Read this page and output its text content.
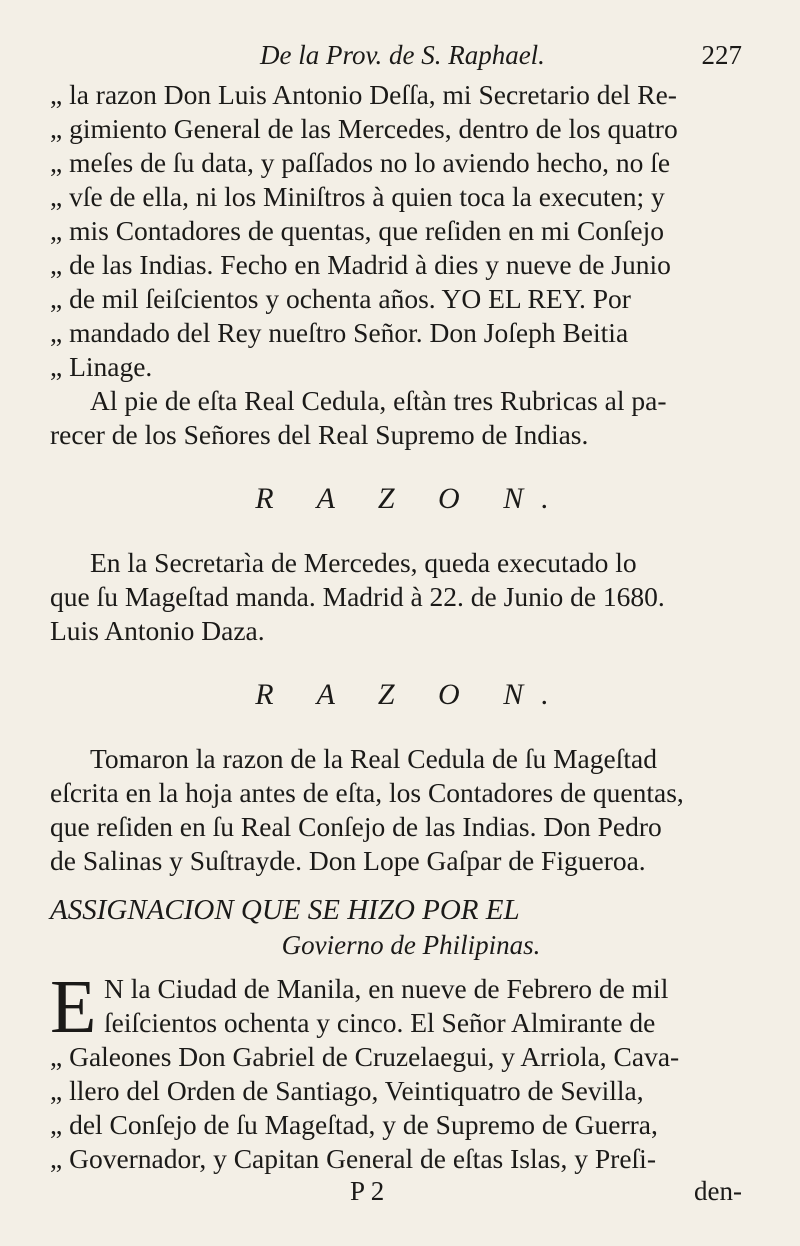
De la Prov. de S. Raphael.	227
„ la razon Don Luis Antonio Deſſa, mi Secretario del Re-
„ gimiento General de las Mercedes, dentro de los quatro
„ meſes de ſu data, y paſſados no lo aviendo hecho, no ſe
„ vſe de ella, ni los Miniſtros à quien toca la executen; y
„ mis Contadores de quentas, que reſiden en mi Conſejo
„ de las Indias. Fecho en Madrid à dies y nueve de Junio
„ de mil ſeiſcientos y ochenta años. YO EL REY. Por
„ mandado del Rey nueſtro Señor. Don Joſeph Beitia
„ Linage.
Al pie de eſta Real Cedula, eſtàn tres Rubricas al pa-
recer de los Señores del Real Supremo de Indias.
R A Z O N.
En la Secretarìa de Mercedes, queda executado lo
que ſu Mageſtad manda. Madrid à 22. de Junio de 1680.
Luis Antonio Daza.
R A Z O N.
Tomaron la razon de la Real Cedula de ſu Mageſtad
eſcrita en la hoja antes de eſta, los Contadores de quentas,
que reſiden en ſu Real Conſejo de las Indias. Don Pedro
de Salinas y Suſtrayde. Don Lope Gaſpar de Figueroa.
ASSIGNACION QUE SE HIZO POR EL
Govierno de Philipinas.
E N la Ciudad de Manila, en nueve de Febrero de mil
ſeiſcientos ochenta y cinco. El Señor Almirante de
„ Galeones Don Gabriel de Cruzelaegui, y Arriola, Cava-
„ llero del Orden de Santiago, Veintiquatro de Sevilla,
„ del Conſejo de ſu Mageſtad, y de Supremo de Guerra,
„ Governador, y Capitan General de eſtas Islas, y Preſi-
P 2	den-
